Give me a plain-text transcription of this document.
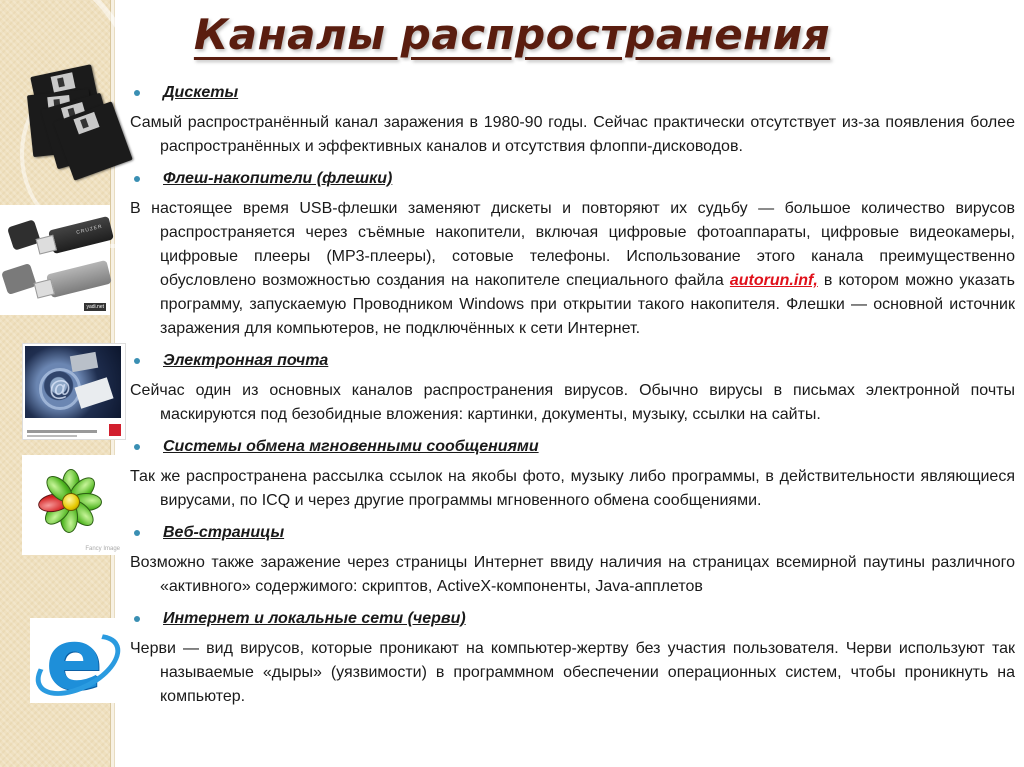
CRUZER
yadi.net
@
Fancy Image
e
Каналы распространения
Дискеты
Самый распространённый канал заражения в 1980-90 годы. Сейчас практически отсутствует из-за появления более распространённых и эффективных каналов и отсутствия флоппи-дисководов.
Флеш-накопители (флешки)
В настоящее время USB-флешки заменяют дискеты и повторяют их судьбу — большое количество вирусов распространяется через съёмные накопители, включая цифровые фотоаппараты, цифровые видеокамеры, цифровые плееры (MP3-плееры), сотовые телефоны. Использование этого канала преимущественно обусловлено возможностью создания на накопителе специального файла autorun.inf, в котором можно указать программу, запускаемую Проводником Windows при открытии такого накопителя. Флешки — основной источник заражения для компьютеров, не подключённых к сети Интернет.
Электронная почта
Сейчас один из основных каналов распространения вирусов. Обычно вирусы в письмах электронной почты маскируются под безобидные вложения: картинки, документы, музыку, ссылки на сайты.
Системы обмена мгновенными сообщениями
Так же распространена рассылка ссылок на якобы фото, музыку либо программы, в действительности являющиеся вирусами, по ICQ и через другие программы мгновенного обмена сообщениями.
Веб-страницы
Возможно также заражение через страницы Интернет ввиду наличия на страницах всемирной паутины различного «активного» содержимого: скриптов, ActiveX-компоненты, Java-апплетов
Интернет и локальные сети (черви)
Черви — вид вирусов, которые проникают на компьютер-жертву без участия пользователя. Черви используют так называемые «дыры» (уязвимости) в программном обеспечении операционных систем, чтобы проникнуть на компьютер.
